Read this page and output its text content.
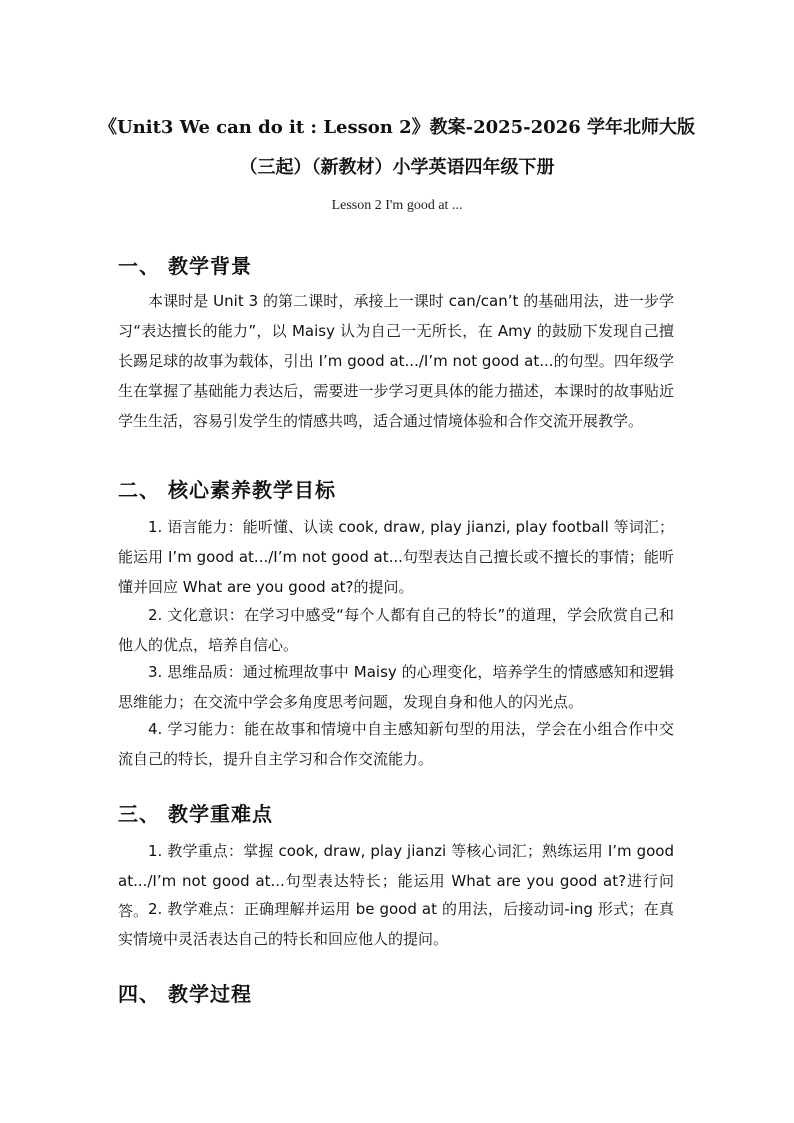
《Unit3 We can do it : Lesson 2》教案-2025-2026 学年北师大版（三起）（新教材）小学英语四年级下册
Lesson 2 I'm good at ...
一、 教学背景
本课时是 Unit 3 的第二课时，承接上一课时 can/can’t 的基础用法，进一步学习“表达擅长的能力”，以 Maisy 认为自己一无所长，在 Amy 的鼓励下发现自己擅长踢足球的故事为载体，引出 I’m good at.../I’m not good at...的句型。四年级学生在掌握了基础能力表达后，需要进一步学习更具体的能力描述，本课时的故事贴近学生生活，容易引发学生的情感共鸣，适合通过情境体验和合作交流开展教学。
二、 核心素养教学目标
1. 语言能力：能听懂、认读 cook, draw, play jianzi, play football 等词汇；能运用 I’m good at.../I’m not good at...句型表达自己擅长或不擅长的事情；能听懂并回应 What are you good at?的提问。
2. 文化意识：在学习中感受“每个人都有自己的特长”的道理，学会欣赏自己和他人的优点，培养自信心。
3. 思维品质：通过梳理故事中 Maisy 的心理变化，培养学生的情感感知和逻辑思维能力；在交流中学会多角度思考问题，发现自身和他人的闪光点。
4. 学习能力：能在故事和情境中自主感知新句型的用法，学会在小组合作中交流自己的特长，提升自主学习和合作交流能力。
三、 教学重难点
1. 教学重点：掌握 cook, draw, play jianzi 等核心词汇；熟练运用 I’m good at.../I’m not good at...句型表达特长；能运用 What are you good at?进行问答。 2. 教学难点：正确理解并运用 be good at 的用法，后接动词-ing 形式；在真实情境中灵活表达自己的特长和回应他人的提问。
四、 教学过程
